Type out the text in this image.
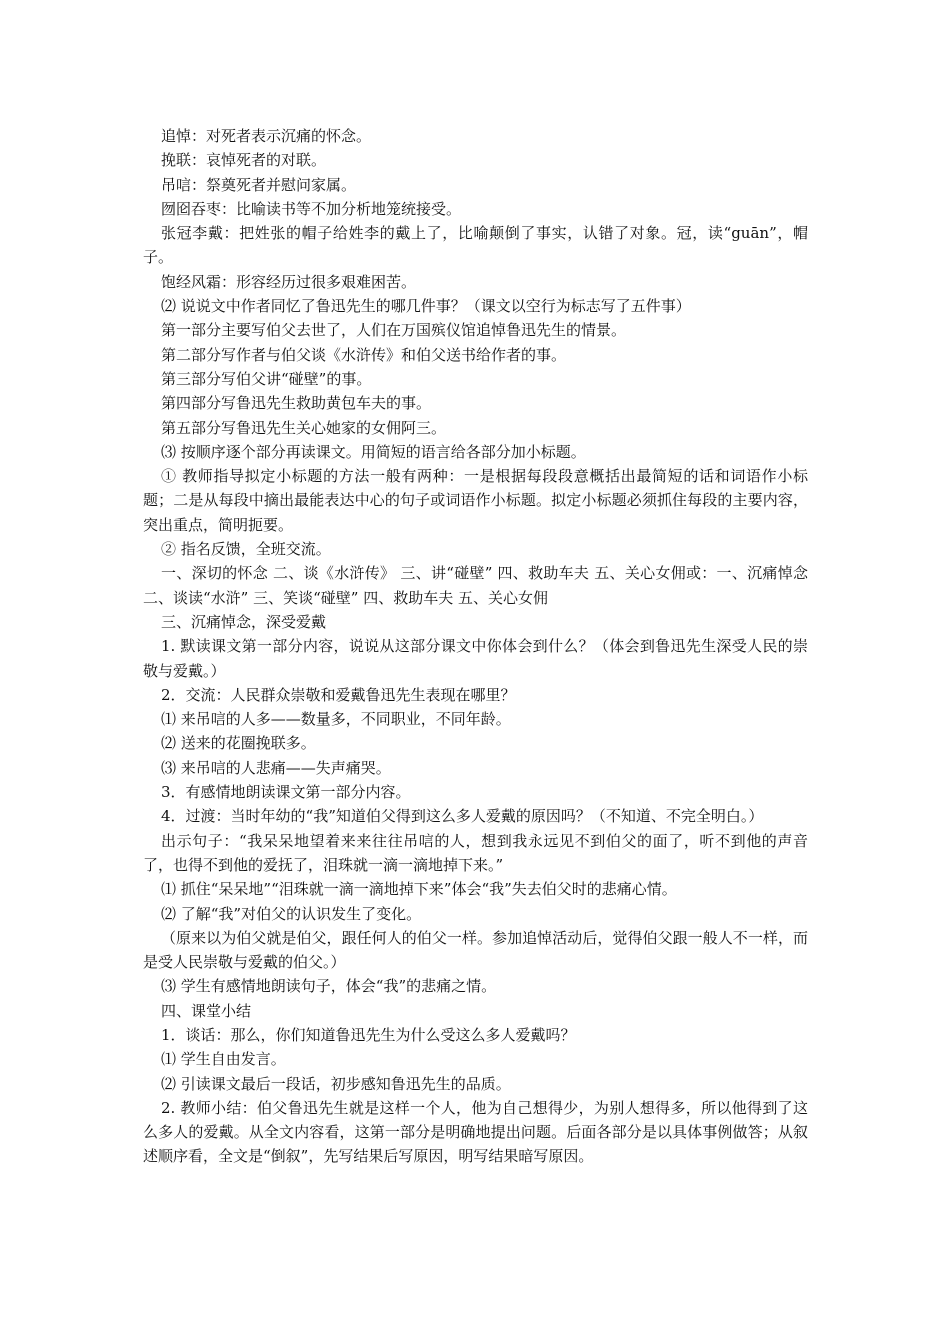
追悼：对死者表示沉痛的怀念。

挽联：哀悼死者的对联。

吊唁：祭奠死者并慰问家属。

囫囵吞枣：比喻读书等不加分析地笼统接受。

张冠李戴：把姓张的帽子给姓李的戴上了，比喻颠倒了事实，认错了对象。冠，读“guān”，帽子。

饱经风霜：形容经历过很多艰难困苦。

⑵ 说说文中作者同忆了鲁迅先生的哪几件事？（课文以空行为标志写了五件事）

第一部分主要写伯父去世了，人们在万国殡仪馆追悼鲁迅先生的情景。

第二部分写作者与伯父谈《水浒传》和伯父送书给作者的事。

第三部分写伯父讲“碰壁”的事。

第四部分写鲁迅先生救助黄包车夫的事。

第五部分写鲁迅先生关心她家的女佣阿三。

⑶ 按顺序逐个部分再读课文。用简短的语言给各部分加小标题。

① 教师指导拟定小标题的方法一般有两种：一是根据每段段意概括出最简短的话和词语作小标题；二是从每段中摘出最能表达中心的句子或词语作小标题。拟定小标题必须抓住每段的主要内容，突出重点，简明扼要。

② 指名反馈，全班交流。

一、深切的怀念 二、谈《水浒传》 三、讲“碰壁” 四、救助车夫 五、关心女佣或：一、沉痛悼念 二、谈读“水浒” 三、笑谈“碰壁” 四、救助车夫 五、关心女佣

三、沉痛悼念，深受爱戴

1. 默读课文第一部分内容，说说从这部分课文中你体会到什么？（体会到鲁迅先生深受人民的崇敬与爱戴。）

2．交流：人民群众崇敬和爱戴鲁迅先生表现在哪里？

⑴ 来吊唁的人多——数量多，不同职业，不同年龄。

⑵ 送来的花圈挽联多。

⑶ 来吊唁的人悲痛——失声痛哭。

3．有感情地朗读课文第一部分内容。

4．过渡：当时年幼的“我”知道伯父得到这么多人爱戴的原因吗？（不知道、不完全明白。）

出示句子：“我呆呆地望着来来往往吊唁的人，想到我永远见不到伯父的面了，听不到他的声音了，也得不到他的爱抚了，泪珠就一滴一滴地掉下来。”

⑴ 抓住“呆呆地”“泪珠就一滴一滴地掉下来”体会“我”失去伯父时的悲痛心情。

⑵ 了解“我”对伯父的认识发生了变化。

（原来以为伯父就是伯父，跟任何人的伯父一样。参加追悼活动后，觉得伯父跟一般人不一样，而是受人民崇敬与爱戴的伯父。）

⑶ 学生有感情地朗读句子，体会“我”的悲痛之情。

四、课堂小结

1．谈话：那么，你们知道鲁迅先生为什么受这么多人爱戴吗？

⑴ 学生自由发言。

⑵ 引读课文最后一段话，初步感知鲁迅先生的品质。

2. 教师小结：伯父鲁迅先生就是这样一个人，他为自己想得少，为别人想得多，所以他得到了这么多人的爱戴。从全文内容看，这第一部分是明确地提出问题。后面各部分是以具体事例做答；从叙述顺序看，全文是“倒叙”，先写结果后写原因，明写结果暗写原因。
